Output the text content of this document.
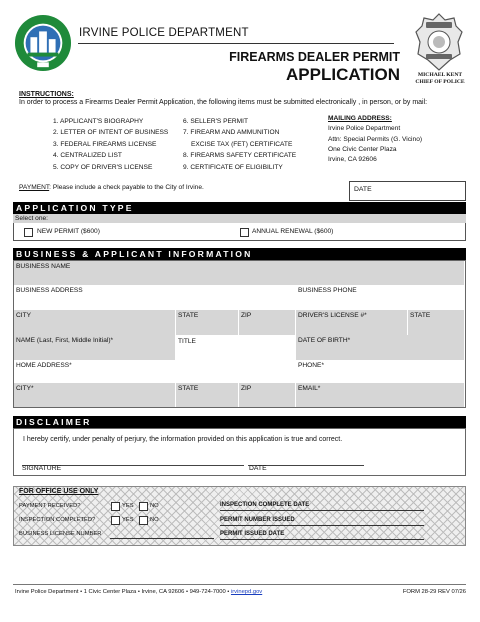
IRVINE POLICE DEPARTMENT
FIREARMS DEALER PERMIT
APPLICATION	MICHAEL KENT
CHIEF OF POLICE
INSTRUCTIONS:
In order to process a Firearms Dealer Permit Application, the following items must be submitted electronically , in person, or by mail:
1. APPLICANT'S BIOGRAPHY
2. LETTER OF INTENT OF BUSINESS
3. FEDERAL FIREARMS LICENSE
4. CENTRALIZED LIST
5. COPY OF DRIVER'S LICENSE
6. SELLER'S PERMIT
7. FIREARM AND AMMUNITION
EXCISE TAX (FET) CERTIFICATE
8. FIREARMS SAFETY CERTIFICATE
9. CERTIFICATE OF ELIGIBILITY
MAILING ADDRESS:
Irvine Police Department
Attn: Special Permits (G. Vicino)
One Civic Center Plaza
Irvine, CA 92606
PAYMENT: Please include a check payable to the City of Irvine.	DATE
APPLICATION TYPE
Select one:
NEW PERMIT ($600)	ANNUAL RENEWAL ($600)
BUSINESS & APPLICANT INFORMATION
BUSINESS NAME
BUSINESS ADDRESS	BUSINESS PHONE
CITY	STATE	ZIP	DRIVER'S LICENSE #*	STATE
NAME (Last, First, Middle Initial)*	TITLE	DATE OF BIRTH*
HOME ADDRESS*	PHONE*
CITY*	STATE	ZIP	EMAIL*
DISCLAIMER
I hereby certify, under penalty of perjury, the information provided on this application is true and correct.
SIGNATURE	DATE
FOR OFFICE USE ONLY
PAYMENT RECEIVED?	YES	NO
INSPECTION COMPLETED?	YES	NO
BUSINESS LICENSE NUMBER
INSPECTION COMPLETE DATE
PERMIT NUMBER ISSUED
PERMIT ISSUED DATE
Irvine Police Department • 1 Civic Center Plaza • Irvine, CA 92606 • 949-724-7000 • irvinepd.gov	FORM 28-29 REV 07/26
